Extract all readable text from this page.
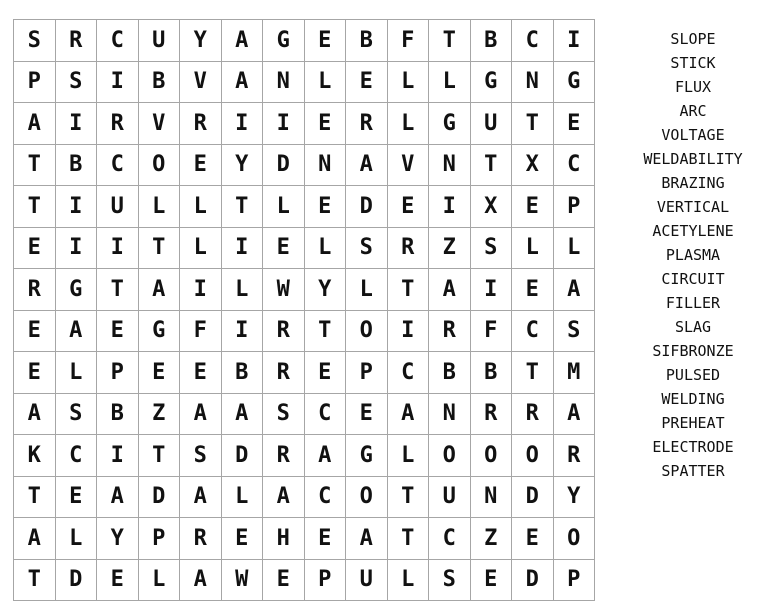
S	R	C	U	Y	A	G	E	B	F	T	B	C	I
P	S	I	B	V	A	N	L	E	L	L	G	N	G
A	I	R	V	R	I	I	E	R	L	G	U	T	E
T	B	C	O	E	Y	D	N	A	V	N	T	X	C
T	I	U	L	L	T	L	E	D	E	I	X	E	P
E	I	I	T	L	I	E	L	S	R	Z	S	L	L
R	G	T	A	I	L	W	Y	L	T	A	I	E	A
E	A	E	G	F	I	R	T	O	I	R	F	C	S
E	L	P	E	E	B	R	E	P	C	B	B	T	M
A	S	B	Z	A	A	S	C	E	A	N	R	R	A
K	C	I	T	S	D	R	A	G	L	O	O	O	R
T	E	A	D	A	L	A	C	O	T	U	N	D	Y
A	L	Y	P	R	E	H	E	A	T	C	Z	E	O
T	D	E	L	A	W	E	P	U	L	S	E	D	P
SLOPE
STICK
FLUX
ARC
VOLTAGE
WELDABILITY
BRAZING
VERTICAL
ACETYLENE
PLASMA
CIRCUIT
FILLER
SLAG
SIFBRONZE
PULSED
WELDING
PREHEAT
ELECTRODE
SPATTER
